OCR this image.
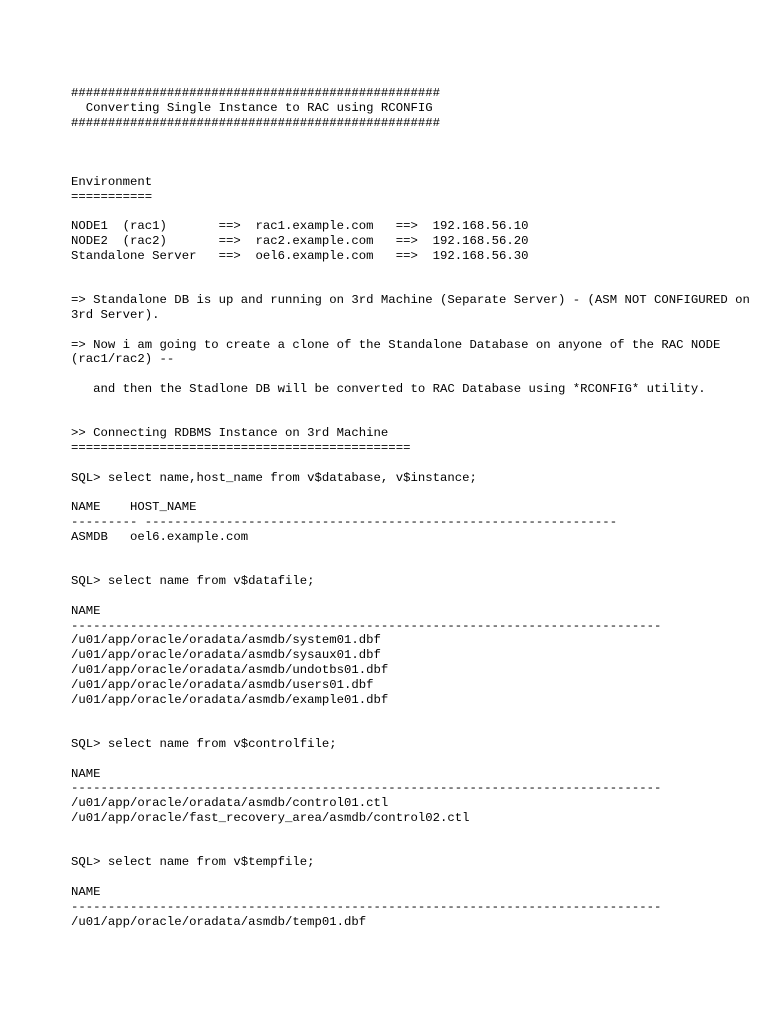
##################################################
Converting Single Instance to RAC using RCONFIG
##################################################
Environment
===========
NODE1  (rac1)       ==>  rac1.example.com   ==>  192.168.56.10
NODE2  (rac2)       ==>  rac2.example.com   ==>  192.168.56.20
Standalone Server   ==>  oel6.example.com   ==>  192.168.56.30
=> Standalone DB is up and running on 3rd Machine (Separate Server) - (ASM NOT CONFIGURED on 3rd Server).
=> Now i am going to create a clone of the Standalone Database on anyone of the RAC NODE (rac1/rac2) --
and then the Stadlone DB will be converted to RAC Database using *RCONFIG* utility.
>> Connecting RDBMS Instance on 3rd Machine
==============================================
SQL> select name,host_name from v$database, v$instance;
NAME    HOST_NAME
--------- ----------------------------------------------------------------
ASMDB   oel6.example.com
SQL> select name from v$datafile;
NAME
--------------------------------------------------------------------------------
/u01/app/oracle/oradata/asmdb/system01.dbf
/u01/app/oracle/oradata/asmdb/sysaux01.dbf
/u01/app/oracle/oradata/asmdb/undotbs01.dbf
/u01/app/oracle/oradata/asmdb/users01.dbf
/u01/app/oracle/oradata/asmdb/example01.dbf
SQL> select name from v$controlfile;
NAME
--------------------------------------------------------------------------------
/u01/app/oracle/oradata/asmdb/control01.ctl
/u01/app/oracle/fast_recovery_area/asmdb/control02.ctl
SQL> select name from v$tempfile;
NAME
--------------------------------------------------------------------------------
/u01/app/oracle/oradata/asmdb/temp01.dbf
